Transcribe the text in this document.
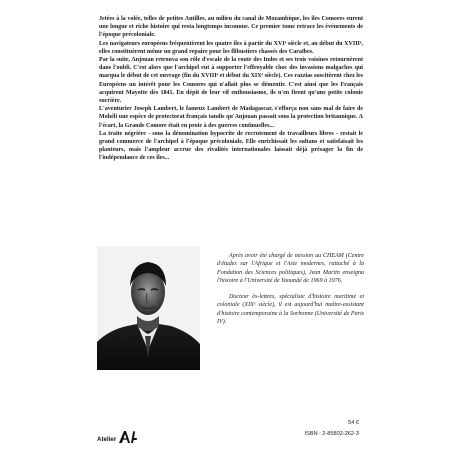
Jetées à la volée, telles de petites Antilles, au milieu du canal de Mozambique, les îles Comores eurent une longue et riche histoire qui resta longtemps inconnue. Ce premier tome retrace les événements de l'époque précoloniale.

Les navigateurs européens fréquentèrent les quatre îles à partir du XVIᵉ siècle et, au début du XVIIIᵉ, elles constituèrent même un grand repaire pour les flibustiers chassés des Caraïbes.

Par la suite, Anjouan retrouva son rôle d'escale de la route des Indes et ses trois voisines retournèrent dans l'oubli. C'est alors que l'archipel eut à supporter l'effroyable choc des invasions malgaches qui marqua le début de cet ouvrage (fin du XVIIIᵉ et début du XIXᵉ siècle). Ces razzias suscitèrent chez les Européens un intérêt pour les Comores qui n'allait plus se démentir. C'est ainsi que les Français acquirent Mayotte dès 1841. En dépit de leur vif enthousiasme, ils n'en firent qu'une petite colonie sucrière.

L'aventurier Joseph Lambert, le fameux Lambert de Madagascar, s'efforça non sans mal de faire de Mohéli une espèce de protectorat français tandis qu'Anjouan passait sous la protection britannique. A l'écart, la Grande Comore était en proie à des guerres continuelles...

La traite négrière - sous la dénomination hypocrite de recrutement de travailleurs libres - restait le grand commerce de l'archipel à l'époque précoloniale. Elle enrichissait les sultans et satisfaisait les planteurs, mais l'ampleur accrue des rivalités internationales laissait déjà présager la fin de l'indépendance de ces îles...

Après avoir été chargé de mission au CHEAM (Centre d'études sur l'Afrique et l'Asie modernes, rattaché à la Fondation des Sciences politiques), Jean Martin enseigna l'histoire à l'Université de Yaoundé de 1969 à 1976.

Docteur ès-lettres, spécialiste d'histoire maritime et coloniale (XIXᵉ siècle), il est aujourd'hui maître-assistant d'histoire contemporaine à la Sorbonne (Université de Paris IV).

Atelier
54 €
ISBN : 2-85802-262-3
